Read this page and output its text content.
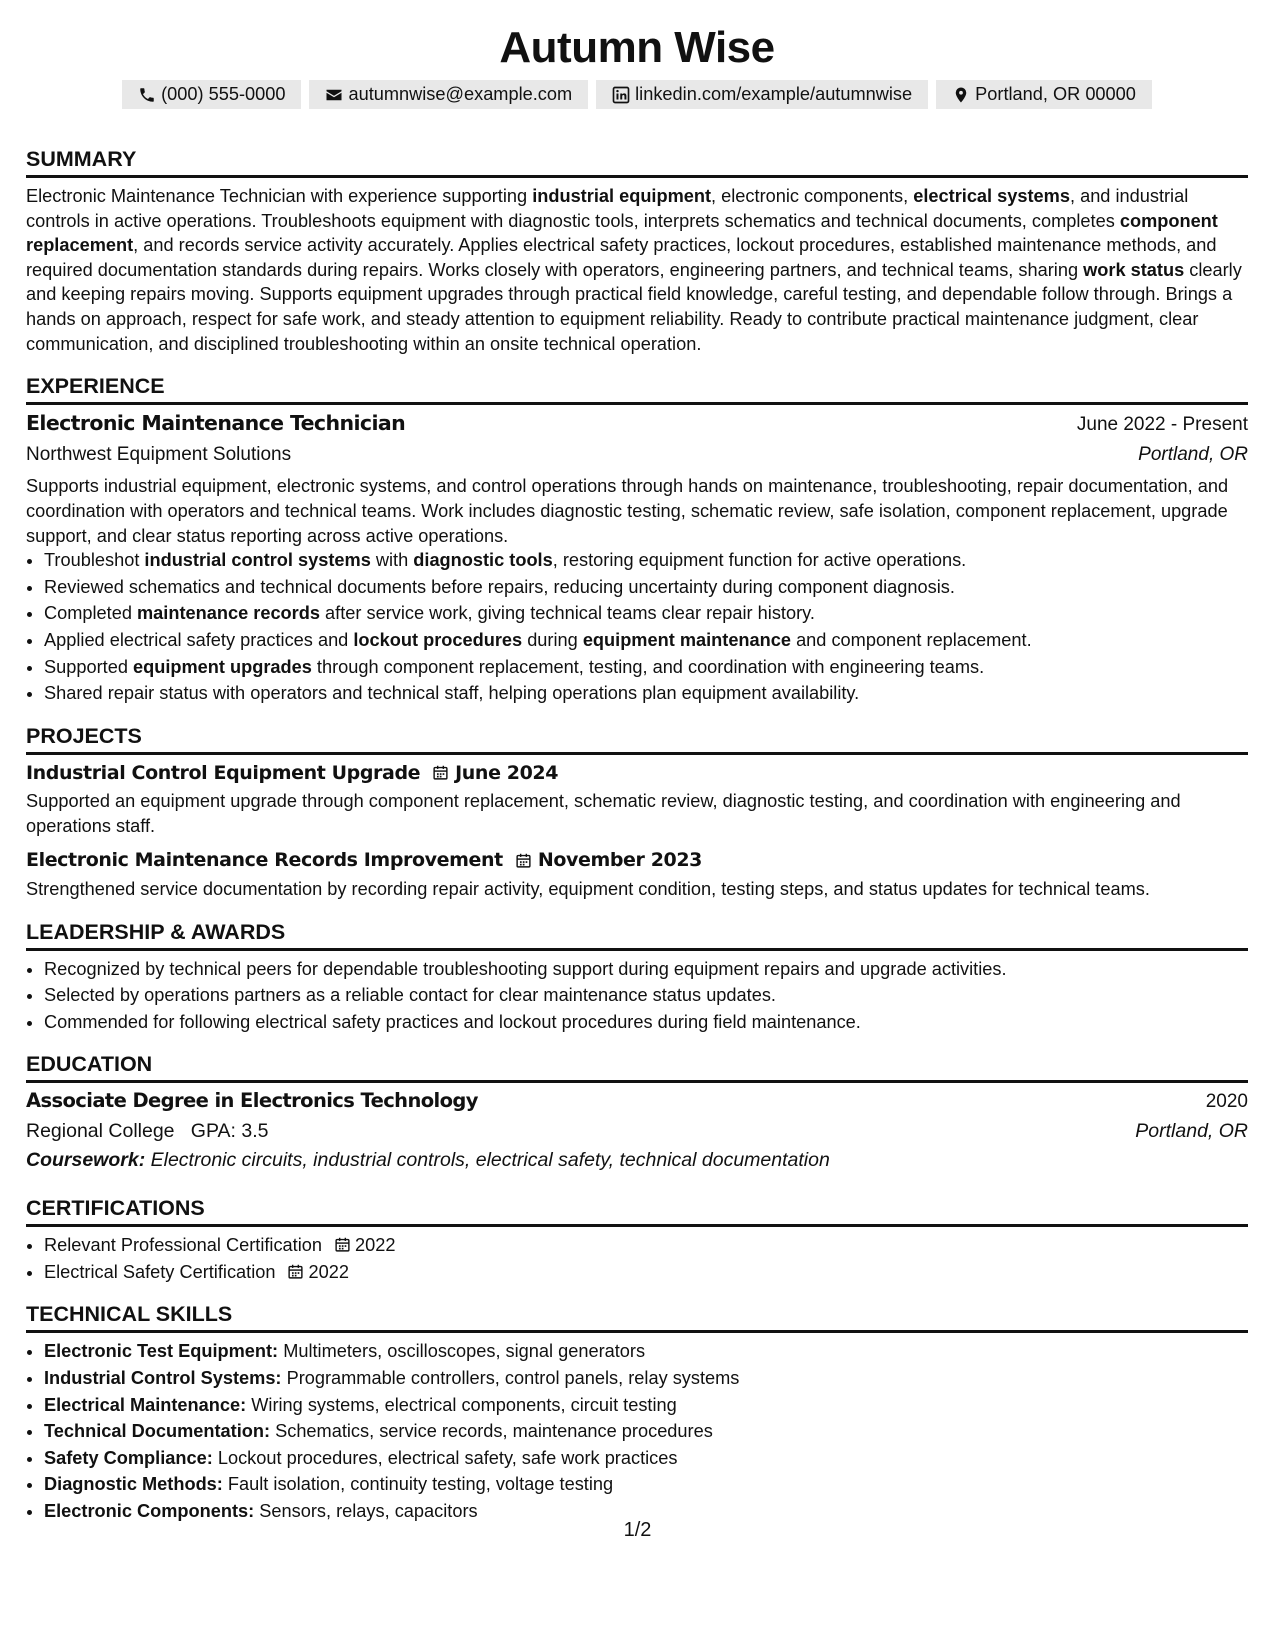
Autumn Wise
(000) 555-0000	autumnwise@example.com	linkedin.com/example/autumnwise	Portland, OR 00000
SUMMARY

Electronic Maintenance Technician with experience supporting industrial equipment, electronic components, electrical systems, and industrial controls in active operations. Troubleshoots equipment with diagnostic tools, interprets schematics and technical documents, completes component replacement, and records service activity accurately. Applies electrical safety practices, lockout procedures, established maintenance methods, and required documentation standards during repairs. Works closely with operators, engineering partners, and technical teams, sharing work status clearly and keeping repairs moving. Supports equipment upgrades through practical field knowledge, careful testing, and dependable follow through. Brings a hands on approach, respect for safe work, and steady attention to equipment reliability. Ready to contribute practical maintenance judgment, clear communication, and disciplined troubleshooting within an onsite technical operation.

EXPERIENCE
Electronic Maintenance Technician	June 2022 - Present
Northwest Equipment Solutions	Portland, OR

Supports industrial equipment, electronic systems, and control operations through hands on maintenance, troubleshooting, repair documentation, and coordination with operators and technical teams. Work includes diagnostic testing, schematic review, safe isolation, component replacement, upgrade support, and clear status reporting across active operations.

• Troubleshot industrial control systems with diagnostic tools, restoring equipment function for active operations.
• Reviewed schematics and technical documents before repairs, reducing uncertainty during component diagnosis.
• Completed maintenance records after service work, giving technical teams clear repair history.
• Applied electrical safety practices and lockout procedures during equipment maintenance and component replacement.
• Supported equipment upgrades through component replacement, testing, and coordination with engineering teams.
• Shared repair status with operators and technical staff, helping operations plan equipment availability.
PROJECTS
Industrial Control Equipment Upgrade June 2024

Supported an equipment upgrade through component replacement, schematic review, diagnostic testing, and coordination with engineering and operations staff.

Electronic Maintenance Records Improvement November 2023

Strengthened service documentation by recording repair activity, equipment condition, testing steps, and status updates for technical teams.

LEADERSHIP & AWARDS
• Recognized by technical peers for dependable troubleshooting support during equipment repairs and upgrade activities.
• Selected by operations partners as a reliable contact for clear maintenance status updates.
• Commended for following electrical safety practices and lockout procedures during field maintenance.
EDUCATION
Associate Degree in Electronics Technology	2020
Regional College GPA: 3.5	Portland, OR

Coursework: Electronic circuits, industrial controls, electrical safety, technical documentation

CERTIFICATIONS
• Relevant Professional Certification 2022
• Electrical Safety Certification 2022
TECHNICAL SKILLS
• Electronic Test Equipment: Multimeters, oscilloscopes, signal generators
• Industrial Control Systems: Programmable controllers, control panels, relay systems
• Electrical Maintenance: Wiring systems, electrical components, circuit testing
• Technical Documentation: Schematics, service records, maintenance procedures
• Safety Compliance: Lockout procedures, electrical safety, safe work practices
• Diagnostic Methods: Fault isolation, continuity testing, voltage testing
• Electronic Components: Sensors, relays, capacitors
1/2
